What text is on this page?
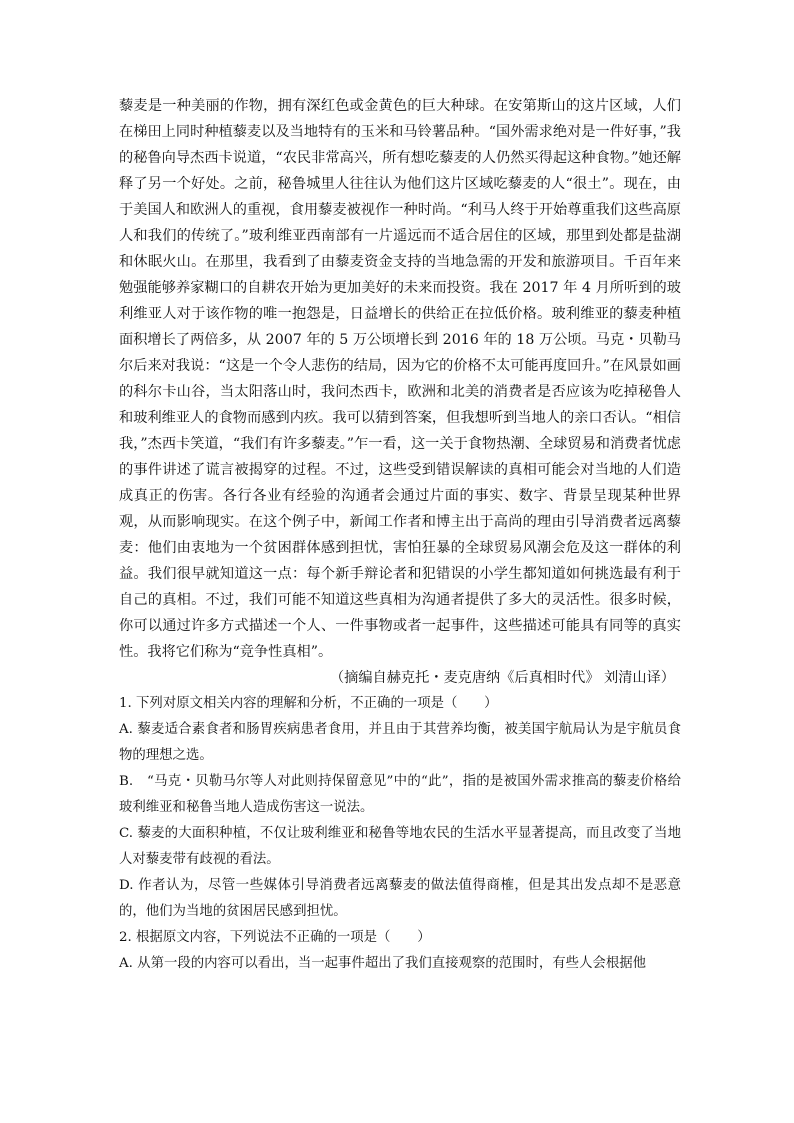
藜麦是一种美丽的作物，拥有深红色或金黄色的巨大种球。在安第斯山的这片区域，人们在梯田上同时种植藜麦以及当地特有的玉米和马铃薯品种。“国外需求绝对是一件好事，”我的秘鲁向导杰西卡说道，“农民非常高兴，所有想吃藜麦的人仍然买得起这种食物。”她还解释了另一个好处。之前，秘鲁城里人往往认为他们这片区域吃藜麦的人“很土”。现在，由于美国人和欧洲人的重视，食用藜麦被视作一种时尚。“利马人终于开始尊重我们这些高原人和我们的传统了。”玻利维亚西南部有一片遥远而不适合居住的区域，那里到处都是盐湖和休眠火山。在那里，我看到了由藜麦资金支持的当地急需的开发和旅游项目。千百年来勉强能够养家糊口的自耕农开始为更加美好的未来而投资。我在 2017 年 4 月所听到的玻利维亚人对于该作物的唯一抱怨是，日益增长的供给正在拉低价格。玻利维亚的藜麦种植面积增长了两倍多，从 2007 年的 5 万公顷增长到 2016 年的 18 万公顷。马克・贝勒马尔后来对我说：“这是一个令人悲伤的结局，因为它的价格不太可能再度回升。”在风景如画的科尔卡山谷，当太阳落山时，我问杰西卡，欧洲和北美的消费者是否应该为吃掉秘鲁人和玻利维亚人的食物而感到内疚。我可以猜到答案，但我想听到当地人的亲口否认。“相信我，”杰西卡笑道，“我们有许多藜麦。”乍一看，这一关于食物热潮、全球贸易和消费者忧虑的事件讲述了谎言被揭穿的过程。不过，这些受到错误解读的真相可能会对当地的人们造成真正的伤害。各行各业有经验的沟通者会通过片面的事实、数字、背景呈现某种世界观，从而影响现实。在这个例子中，新闻工作者和博主出于高尚的理由引导消费者远离藜麦：他们由衷地为一个贫困群体感到担忧，害怕狂暴的全球贸易风潮会危及这一群体的利益。我们很早就知道这一点：每个新手辩论者和犯错误的小学生都知道如何挑选最有利于自己的真相。不过，我们可能不知道这些真相为沟通者提供了多大的灵活性。很多时候，你可以通过许多方式描述一个人、一件事物或者一起事件，这些描述可能具有同等的真实性。我将它们称为“竞争性真相”。

（摘编自赫克托・麦克唐纳《后真相时代》 刘清山译）

1. 下列对原文相关内容的理解和分析，不正确的一项是（　　）

A. 藜麦适合素食者和肠胃疾病患者食用，并且由于其营养均衡，被美国宇航局认为是宇航员食物的理想之选。

B.　“马克・贝勒马尔等人对此则持保留意见”中的“此”，指的是被国外需求推高的藜麦价格给玻利维亚和秘鲁当地人造成伤害这一说法。

C. 藜麦的大面积种植，不仅让玻利维亚和秘鲁等地农民的生活水平显著提高，而且改变了当地人对藜麦带有歧视的看法。

D. 作者认为，尽管一些媒体引导消费者远离藜麦的做法值得商榷，但是其出发点却不是恶意的，他们为当地的贫困居民感到担忧。

2. 根据原文内容，下列说法不正确的一项是（　　）

A. 从第一段的内容可以看出，当一起事件超出了我们直接观察的范围时，有些人会根据他
